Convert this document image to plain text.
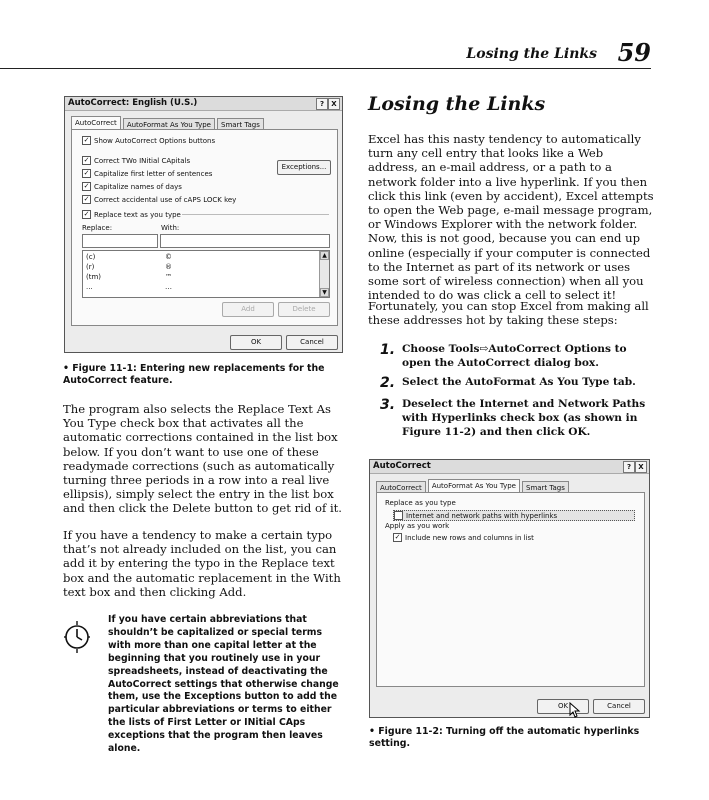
Losing the Links 59
AutoCorrect: English (U.S.)	?	X
AutoCorrect	AutoFormat As You Type	Smart Tags
✓ Show AutoCorrect Options buttons
✓ Correct TWo INitial CApitals
✓ Capitalize first letter of sentences
✓ Capitalize names of days
✓ Correct accidental use of cAPS LOCK key
Exceptions...
✓ Replace text as you type
Replace:	With:
(c)	©
(r)	®
(tm)	™
...	…
▲
▼
Add	Delete
OK	Cancel
• Figure 11-1: Entering new replacements for the AutoCorrect feature.
The program also selects the Replace Text As You Type check box that activates all the automatic corrections contained in the list box below. If you don’t want to use one of these readymade corrections (such as automatically turning three periods in a row into a real live ellipsis), simply select the entry in the list box and then click the Delete button to get rid of it.
If you have a tendency to make a certain typo that’s not already included on the list, you can add it by entering the typo in the Replace text box and the automatic replacement in the With text box and then clicking Add.
If you have certain abbreviations that shouldn’t be capitalized or special terms with more than one capital letter at the beginning that you routinely use in your spreadsheets, instead of deactivating the AutoCorrect settings that otherwise change them, use the Exceptions button to add the particular abbreviations or terms to either the lists of First Letter or INitial CAps exceptions that the program then leaves alone.
Losing the Links
Excel has this nasty tendency to automatically turn any cell entry that looks like a Web address, an e-mail address, or a path to a network folder into a live hyperlink. If you then click this link (even by accident), Excel attempts to open the Web page, e-mail message program, or Windows Explorer with the network folder. Now, this is not good, because you can end up online (especially if your computer is connected to the Internet as part of its network or uses some sort of wireless connection) when all you intended to do was click a cell to select it!
Fortunately, you can stop Excel from making all these addresses hot by taking these steps:
1. Choose Tools⇨AutoCorrect Options to open the AutoCorrect dialog box.
2. Select the AutoFormat As You Type tab.
3. Deselect the Internet and Network Paths with Hyperlinks check box (as shown in Figure 11-2) and then click OK.
AutoCorrect	?	X
AutoCorrect	AutoFormat As You Type	Smart Tags
Replace as you type
Internet and network paths with hyperlinks
Apply as you work
✓ Include new rows and columns in list
OK	Cancel
• Figure 11-2: Turning off the automatic hyperlinks setting.
